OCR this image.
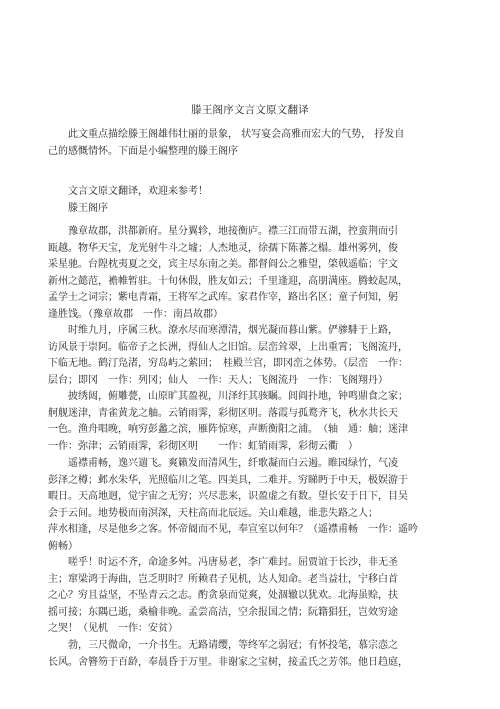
滕王阁序文言文原文翻译
此文重点描绘滕王阁雄伟壮丽的景象， 状写宴会高雅而宏大的气势， 抒发自
己的感慨情怀。下面是小编整理的滕王阁序
文言文原文翻译，欢迎来参考！
滕王阁序
豫章故郡，洪都新府。星分翼轸，地接衡庐。襟三江而带五湖，控蛮荆而引
瓯越。物华天宝，龙光射牛斗之墟；人杰地灵，徐孺下陈蕃之榻。雄州雾列，俊
采星驰。台隍枕夷夏之交，宾主尽东南之美。都督阎公之雅望，棨戟遥临；宇文
新州之懿范，襜帷暂驻。十旬休假，胜友如云；千里逢迎，高朋满座。腾蛟起凤，
孟学士之词宗；紫电青霜，王将军之武库。家君作宰，路出名区；童子何知，躬
逢胜饯。（豫章故郡　一作：南昌故郡）
时维九月，序属三秋。潦水尽而寒潭清，烟光凝而暮山紫。俨骖騑于上路，
访风景于崇阿。临帝子之长洲，得仙人之旧馆。层峦耸翠，上出重霄；飞阁流丹，
下临无地。鹤汀凫渚，穷岛屿之萦回；　桂殿兰宫，即冈峦之体势。（层峦　一作：
层台；即冈　一作：列冈；仙人　一作：天人；飞阁流丹　一作：飞阁翔丹）
披绣闼，俯雕甍，山原旷其盈视，川泽纡其骇瞩。闾阎扑地，钟鸣鼎食之家；
舸舰迷津，青雀黄龙之舳。云销雨霁，彩彻区明。落霞与孤鹜齐飞，秋水共长天
一色。渔舟唱晚，响穷彭蠡之滨，雁阵惊寒，声断衡阳之浦。　（轴　通：舳；迷津
一作：弥津；云销雨霁，彩彻区明　　一作：虹销雨霁，彩彻云衢　）
遥襟甫畅，逸兴遄飞。爽籁发而清风生，纤歌凝而白云遏。睢园绿竹，气凌
彭泽之樽；邺水朱华，光照临川之笔。四美具，二难并。穷睇眄于中天，极娱游于
暇日。天高地迥，觉宇宙之无穷；兴尽悲来，识盈虚之有数。望长安于日下，目吴
会于云间。地势极而南溟深，天柱高而北辰远。关山难越，谁悲失路之人；
萍水相逢，尽是他乡之客。怀帝阍而不见，奉宣室以何年？（遥襟甫畅　一作：遥吟
俯畅）
嗟乎！时运不齐，命途多舛。冯唐易老，李广难封。屈贾谊于长沙，非无圣
主；窜梁鸿于海曲，岂乏明时？所赖君子见机，达人知命。老当益壮，宁移白首
之心？穷且益坚，不坠青云之志。酌贪泉而觉爽，处涸辙以犹欢。北海虽赊，扶
摇可接；东隅已逝，桑榆非晚。孟尝高洁，空余报国之情；阮籍猖狂，岂效穷途
之哭！（见机　一作：安贫）
勃，三尺微命，一介书生。无路请缨，等终军之弱冠；有怀投笔，慕宗悫之
长风。舍簪笏于百龄，奉晨昏于万里。非谢家之宝树，接孟氏之芳邻。他日趋庭，
